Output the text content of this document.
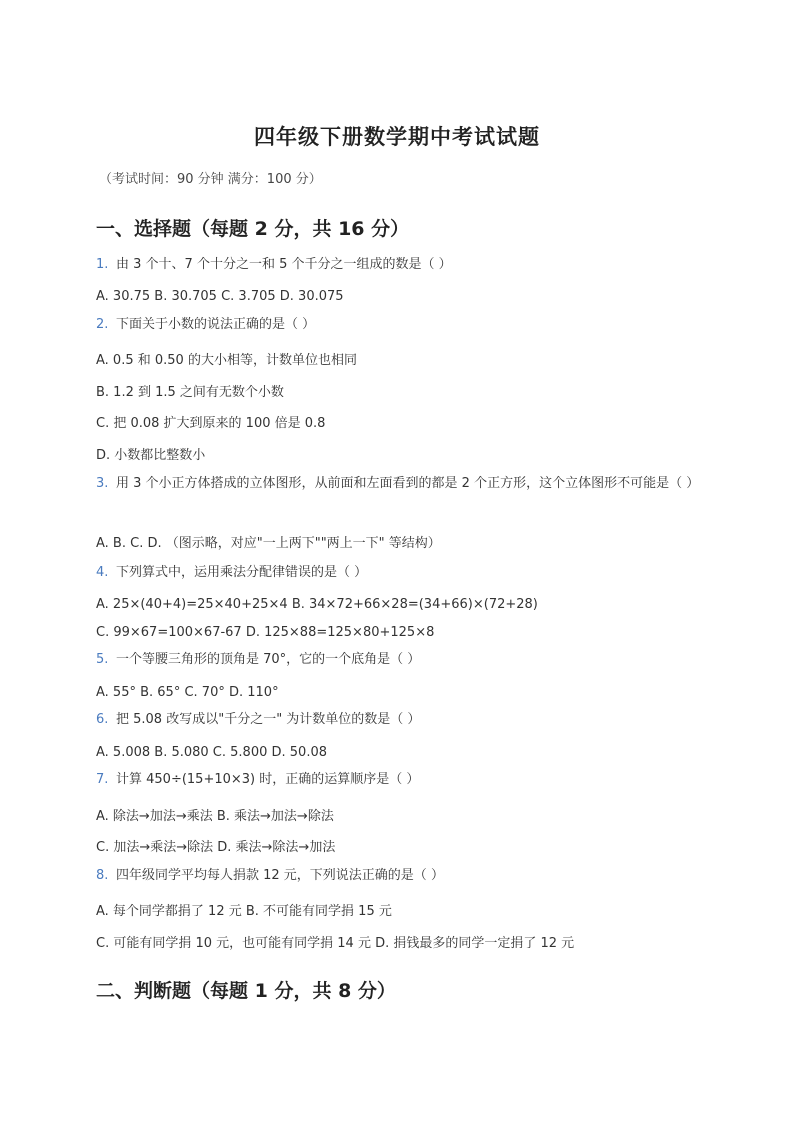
四年级下册数学期中考试试题
（考试时间：90 分钟 满分：100 分）
一、选择题（每题 2 分，共 16 分）
1. 由 3 个十、7 个十分之一和 5 个千分之一组成的数是（ ）
A. 30.75 B. 30.705 C. 3.705 D. 30.075
2. 下面关于小数的说法正确的是（ ）
A. 0.5 和 0.50 的大小相等，计数单位也相同
B. 1.2 到 1.5 之间有无数个小数
C. 把 0.08 扩大到原来的 100 倍是 0.8
D. 小数都比整数小
3. 用 3 个小正方体搭成的立体图形，从前面和左面看到的都是 2 个正方形，这个立体图形不可能是（ ）
A. B. C. D. （图示略，对应"一上两下""两上一下" 等结构）
4. 下列算式中，运用乘法分配律错误的是（ ）
A. 25×(40+4)=25×40+25×4 B. 34×72+66×28=(34+66)×(72+28)
C. 99×67=100×67-67 D. 125×88=125×80+125×8
5. 一个等腰三角形的顶角是 70°，它的一个底角是（ ）
A. 55° B. 65° C. 70° D. 110°
6. 把 5.08 改写成以"千分之一" 为计数单位的数是（ ）
A. 5.008 B. 5.080 C. 5.800 D. 50.08
7. 计算 450÷(15+10×3) 时，正确的运算顺序是（ ）
A. 除法→加法→乘法 B. 乘法→加法→除法
C. 加法→乘法→除法 D. 乘法→除法→加法
8. 四年级同学平均每人捐款 12 元，下列说法正确的是（ ）
A. 每个同学都捐了 12 元 B. 不可能有同学捐 15 元
C. 可能有同学捐 10 元，也可能有同学捐 14 元 D. 捐钱最多的同学一定捐了 12 元
二、判断题（每题 1 分，共 8 分）
